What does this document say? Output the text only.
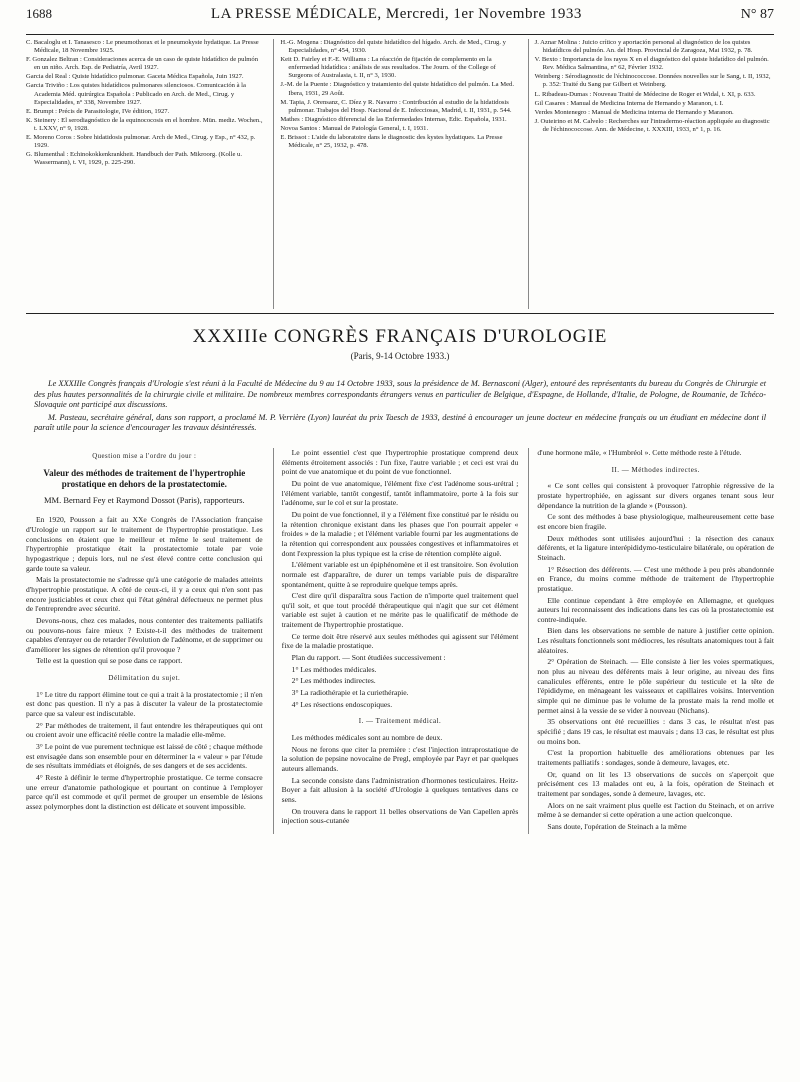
1688	LA PRESSE MÉDICALE, Mercredi, 1er Novembre 1933	N° 87
C. Bacaloglu et I. Tanasesco : Le pneumothorax et le pneumokyste hydatique. La Presse Médicale, 18 Novembre 1925.
F. Gonzalez Beltran : Consideraciones acerca de un caso de quiste hidatídico de pulmón en un niño. Arch. Esp. de Pediatría, Avril 1927.
Garcia del Real : Quiste hidatídico pulmonar. Gaceta Médica Española, Juin 1927.
Garcia Triviño : Los quistes hidatídicos pulmonares silenciosos. Comunicación à la Academia Méd. quirúrgica Española : Publicado en Arch. de Med., Cirug. y Especialidades, n° 338, Novembre 1927.
E. Brumpt : Précis de Parasitologie, IVe édition, 1927.
K. Steinery : El serodiagnóstico de la equinococosis en el hombre. Mün. mediz. Wochen., t. LXXV, n° 9, 1928.
E. Moreno Coros : Sobre hidatidosis pulmonar. Arch de Med., Cirug. y Esp., n° 432, p. 1929.
G. Blumenthal : Echinokokkenkrankheit. Handbuch der Path. Mikroorg. (Kolle u. Wassermann), t. VI, 1929, p. 225-290.
H.-G. Mogena : Diagnóstico del quiste hidatídico del hígado. Arch. de Med., Cirug. y Especialidades, n° 454, 1930.
Keit D. Fairley et F.-E. Williams : La réacción de fijación de complemento en la enfermedad hidatídica : análisis de sus resultados. The Journ. of the College of Surgeons of Australasia, t. II, n° 3, 1930.
J.-M. de la Puente : Diagnóstico y tratamiento del quiste hidatídico del pulmón. La Med. Ibera, 1931, 29 Août.
M. Tapia, J. Orensanz, C. Díez y R. Navarro : Contribución al estudio de la hidatidosis pulmonar. Trabajos del Hosp. Nacional de E. Infecciosas, Madrid, t. II, 1931, p. 544.
Mathes : Diagnóstico diferencial de las Enfermedades Internas, Edic. Española, 1931.
Novoa Santos : Manual de Patología General, t. I, 1931.
E. Brissot : L'aide du laboratoire dans le diagnostic des kystes hydatiques. La Presse Médicale, n° 25, 1932, p. 478.
J. Aznar Molina : Juicio crítico y aportación personal al diagnóstico de los quistes hidatídicos del pulmón. An. del Hosp. Provincial de Zaragoza, Mai 1932, p. 78.
V. Bexto : Importancia de los rayos X en el diagnóstico del quiste hidatídico del pulmón. Rev. Médica Salmantina, n° 62, Février 1932.
Weinberg : Sérodiagnostic de l'échinococcose. Données nouvelles sur le Sang, t. II, 1932, p. 352: Traité du Sang par Gilbert et Weinberg.
L. Ribadeau-Dumas : Nouveau Traité de Médecine de Roger et Widal, t. XI, p. 633.
Gil Casares : Manual de Medicina Interna de Hernando y Maranon, t. I.
Verdes Montenegro : Manual de Medicina interna de Hernando y Maranon.
J. Outeirino et M. Calvelo : Recherches sur l'intradermo-réaction appliquée au diagnostic de l'échinococcose. Ann. de Médecine, t. XXXIII, 1933, n° 1, p. 16.
XXXIIIe CONGRÈS FRANÇAIS D'UROLOGIE
(Paris, 9-14 Octobre 1933.)
Le XXXIIIe Congrès français d'Urologie s'est réuni à la Faculté de Médecine du 9 au 14 Octobre 1933, sous la présidence de M. Bernasconi (Alger), entouré des représentants du bureau du Congrès de Chirurgie et des plus hautes personnalités de la chirurgie civile et militaire. De nombreux membres correspondants étrangers venus en particulier de Belgique, d'Espagne, de Hollande, d'Italie, de Pologne, de Roumanie, de Tchéco-Slovaquie ont participé aux discussions.
M. Pasteau, secrétaire général, dans son rapport, a proclamé M. P. Verrière (Lyon) lauréat du prix Taesch de 1933, destiné à encourager un jeune docteur en médecine français ou un étudiant en médecine dont il paraît utile pour la science d'encourager les travaux désintéressés.
Question mise a l'ordre du jour :
Valeur des méthodes de traitement de l'hypertrophie prostatique en dehors de la prostatectomie.
MM. Bernard Fey et Raymond Dossot (Paris), rapporteurs.

En 1920, Pousson a fait au XXe Congrès de l'Association française d'Urologie un rapport sur le traitement de l'hypertrophie prostatique. Les conclusions en étaient que le meilleur et même le seul traitement de l'hypertrophie prostatique était la prostatectomie totale par voie hypogastrique ; depuis lors, nul ne s'est élevé contre cette conclusion qui garde toute sa valeur.

Mais la prostatectomie ne s'adresse qu'à une catégorie de malades atteints d'hypertrophie prostatique. A côté de ceux-ci, il y a ceux qui n'en sont pas encore justiciables et ceux chez qui l'état général défectueux ne permet plus de l'entreprendre avec sécurité.

Devons-nous, chez ces malades, nous contenter des traitements palliatifs ou pouvons-nous faire mieux ? Existe-t-il des méthodes de traitement capables d'enrayer ou de retarder l'évolution de l'adénome, et de supprimer ou d'améliorer les signes de rétention qu'il provoque ?

Telle est la question qui se pose dans ce rapport.

Délimitation du sujet.

1° Le titre du rapport élimine tout ce qui a trait à la prostatectomie ; il n'en est donc pas question. Il n'y a pas à discuter la valeur de la prostatectomie parce que sa valeur est indiscutable.

2° Par méthodes de traitement, il faut entendre les thérapeutiques qui ont ou croient avoir une efficacité réelle contre la maladie elle-même.

3° Le point de vue purement technique est laissé de côté ; chaque méthode est envisagée dans son ensemble pour en déterminer la « valeur » par l'étude de ses résultats immédiats et éloignés, de ses dangers et de ses accidents.

4° Reste à définir le terme d'hypertrophie prostatique. Ce terme consacre une erreur d'anatomie pathologique et pourtant on continue à l'employer parce qu'il est commode et qu'il permet de grouper un ensemble de lésions assez polymorphes dont la distinction est délicate et souvent impossible.

Le point essentiel c'est que l'hypertrophie prostatique comprend deux éléments étroitement associés : l'un fixe, l'autre variable ; et ceci est vrai du point de vue anatomique et du point de vue fonctionnel.

Du point de vue anatomique, l'élément fixe c'est l'adénome sous-urétral ; l'élément variable, tantôt congestif, tantôt inflammatoire, porte à la fois sur l'adénome, sur le col et sur la prostate.

Du point de vue fonctionnel, il y a l'élément fixe constitué par le résidu ou la rétention chronique existant dans les phases que l'on pourrait appeler « froides » de la maladie ; et l'élément variable fourni par les augmentations de la rétention qui correspondent aux poussées congestives et inflammatoires et dont l'expression la plus typique est la crise de rétention complète aiguë.

L'élément variable est un épiphénomène et il est transitoire. Son évolution normale est d'apparaître, de durer un temps variable puis de disparaître spontanément, quitte à se reproduire quelque temps après.

C'est dire qu'il disparaîtra sous l'action de n'importe quel traitement quel qu'il soit, et que tout procédé thérapeutique qui n'agit que sur cet élément variable est sujet à caution et ne mérite pas le qualificatif de méthode de traitement de l'hypertrophie prostatique.

Ce terme doit être réservé aux seules méthodes qui agissent sur l'élément fixe de la maladie prostatique.

Plan du rapport. — Sont étudiées successivement :

1° Les méthodes médicales.

2° Les méthodes indirectes.

3° La radiothérapie et la curiethérapie.

4° Les résections endoscopiques.

I. — Traitement médical.

Les méthodes médicales sont au nombre de deux.

Nous ne ferons que citer la première : c'est l'injection intraprostatique de la solution de pepsine novocaïne de Pregl, employée par Payr et par quelques auteurs allemands.

La seconde consiste dans l'administration d'hormones testiculaires. Heitz-Boyer a fait allusion à la société d'Urologie à quelques tentatives dans ce sens.

On trouvera dans le rapport 11 belles observations de Van Capellen après injection sous-cutanée

d'une hormone mâle, « l'Humbréol ». Cette méthode reste à l'étude.

II. — Méthodes indirectes.

« Ce sont celles qui consistent à provoquer l'atrophie régressive de la prostate hypertrophiée, en agissant sur divers organes tenant sous leur dépendance la nutrition de la glande » (Pousson).

Ce sont des méthodes à base physiologique, malheureusement cette base est encore bien fragile.

Deux méthodes sont utilisées aujourd'hui : la résection des canaux déférents, et la ligature interépididymo-testiculaire bilatérale, ou opération de Steinach.

1° Résection des déférents. — C'est une méthode à peu près abandonnée en France, du moins comme méthode de traitement de l'hypertrophie prostatique.

Elle continue cependant à être employée en Allemagne, et quelques auteurs lui reconnaissent des indications dans les cas où la prostatectomie est contre-indiquée.

Bien dans les observations ne semble de nature à justifier cette opinion. Les résultats fonctionnels sont médiocres, les résultats anatomiques tout à fait aléatoires.

2° Opération de Steinach. — Elle consiste à lier les voies spermatiques, non plus au niveau des déférents mais à leur origine, au niveau des fins canalicules efférents, entre le pôle supérieur du testicule et la tête de l'épididyme, en ménageant les vaisseaux et capillaires voisins. Intervention simple qui ne diminue pas le volume de la prostate mais la rend molle et permet ainsi à la vessie de se vider à nouveau (Nichans).

35 observations ont été recueillies : dans 3 cas, le résultat n'est pas spécifié ; dans 19 cas, le résultat est mauvais ; dans 13 cas, le résultat est plus ou moins bon.

C'est la proportion habituelle des améliorations obtenues par les traitements palliatifs : sondages, sonde à demeure, lavages, etc.

Or, quand on lit les 13 observations de succès on s'aperçoit que précisément ces 13 malades ont eu, à la fois, opération de Steinach et traitement par sondages, sonde à demeure, lavages, etc.

Alors on ne sait vraiment plus quelle est l'action du Steinach, et on arrive même à se demander si cette opération a une action quelconque.

Sans doute, l'opération de Steinach a la même
